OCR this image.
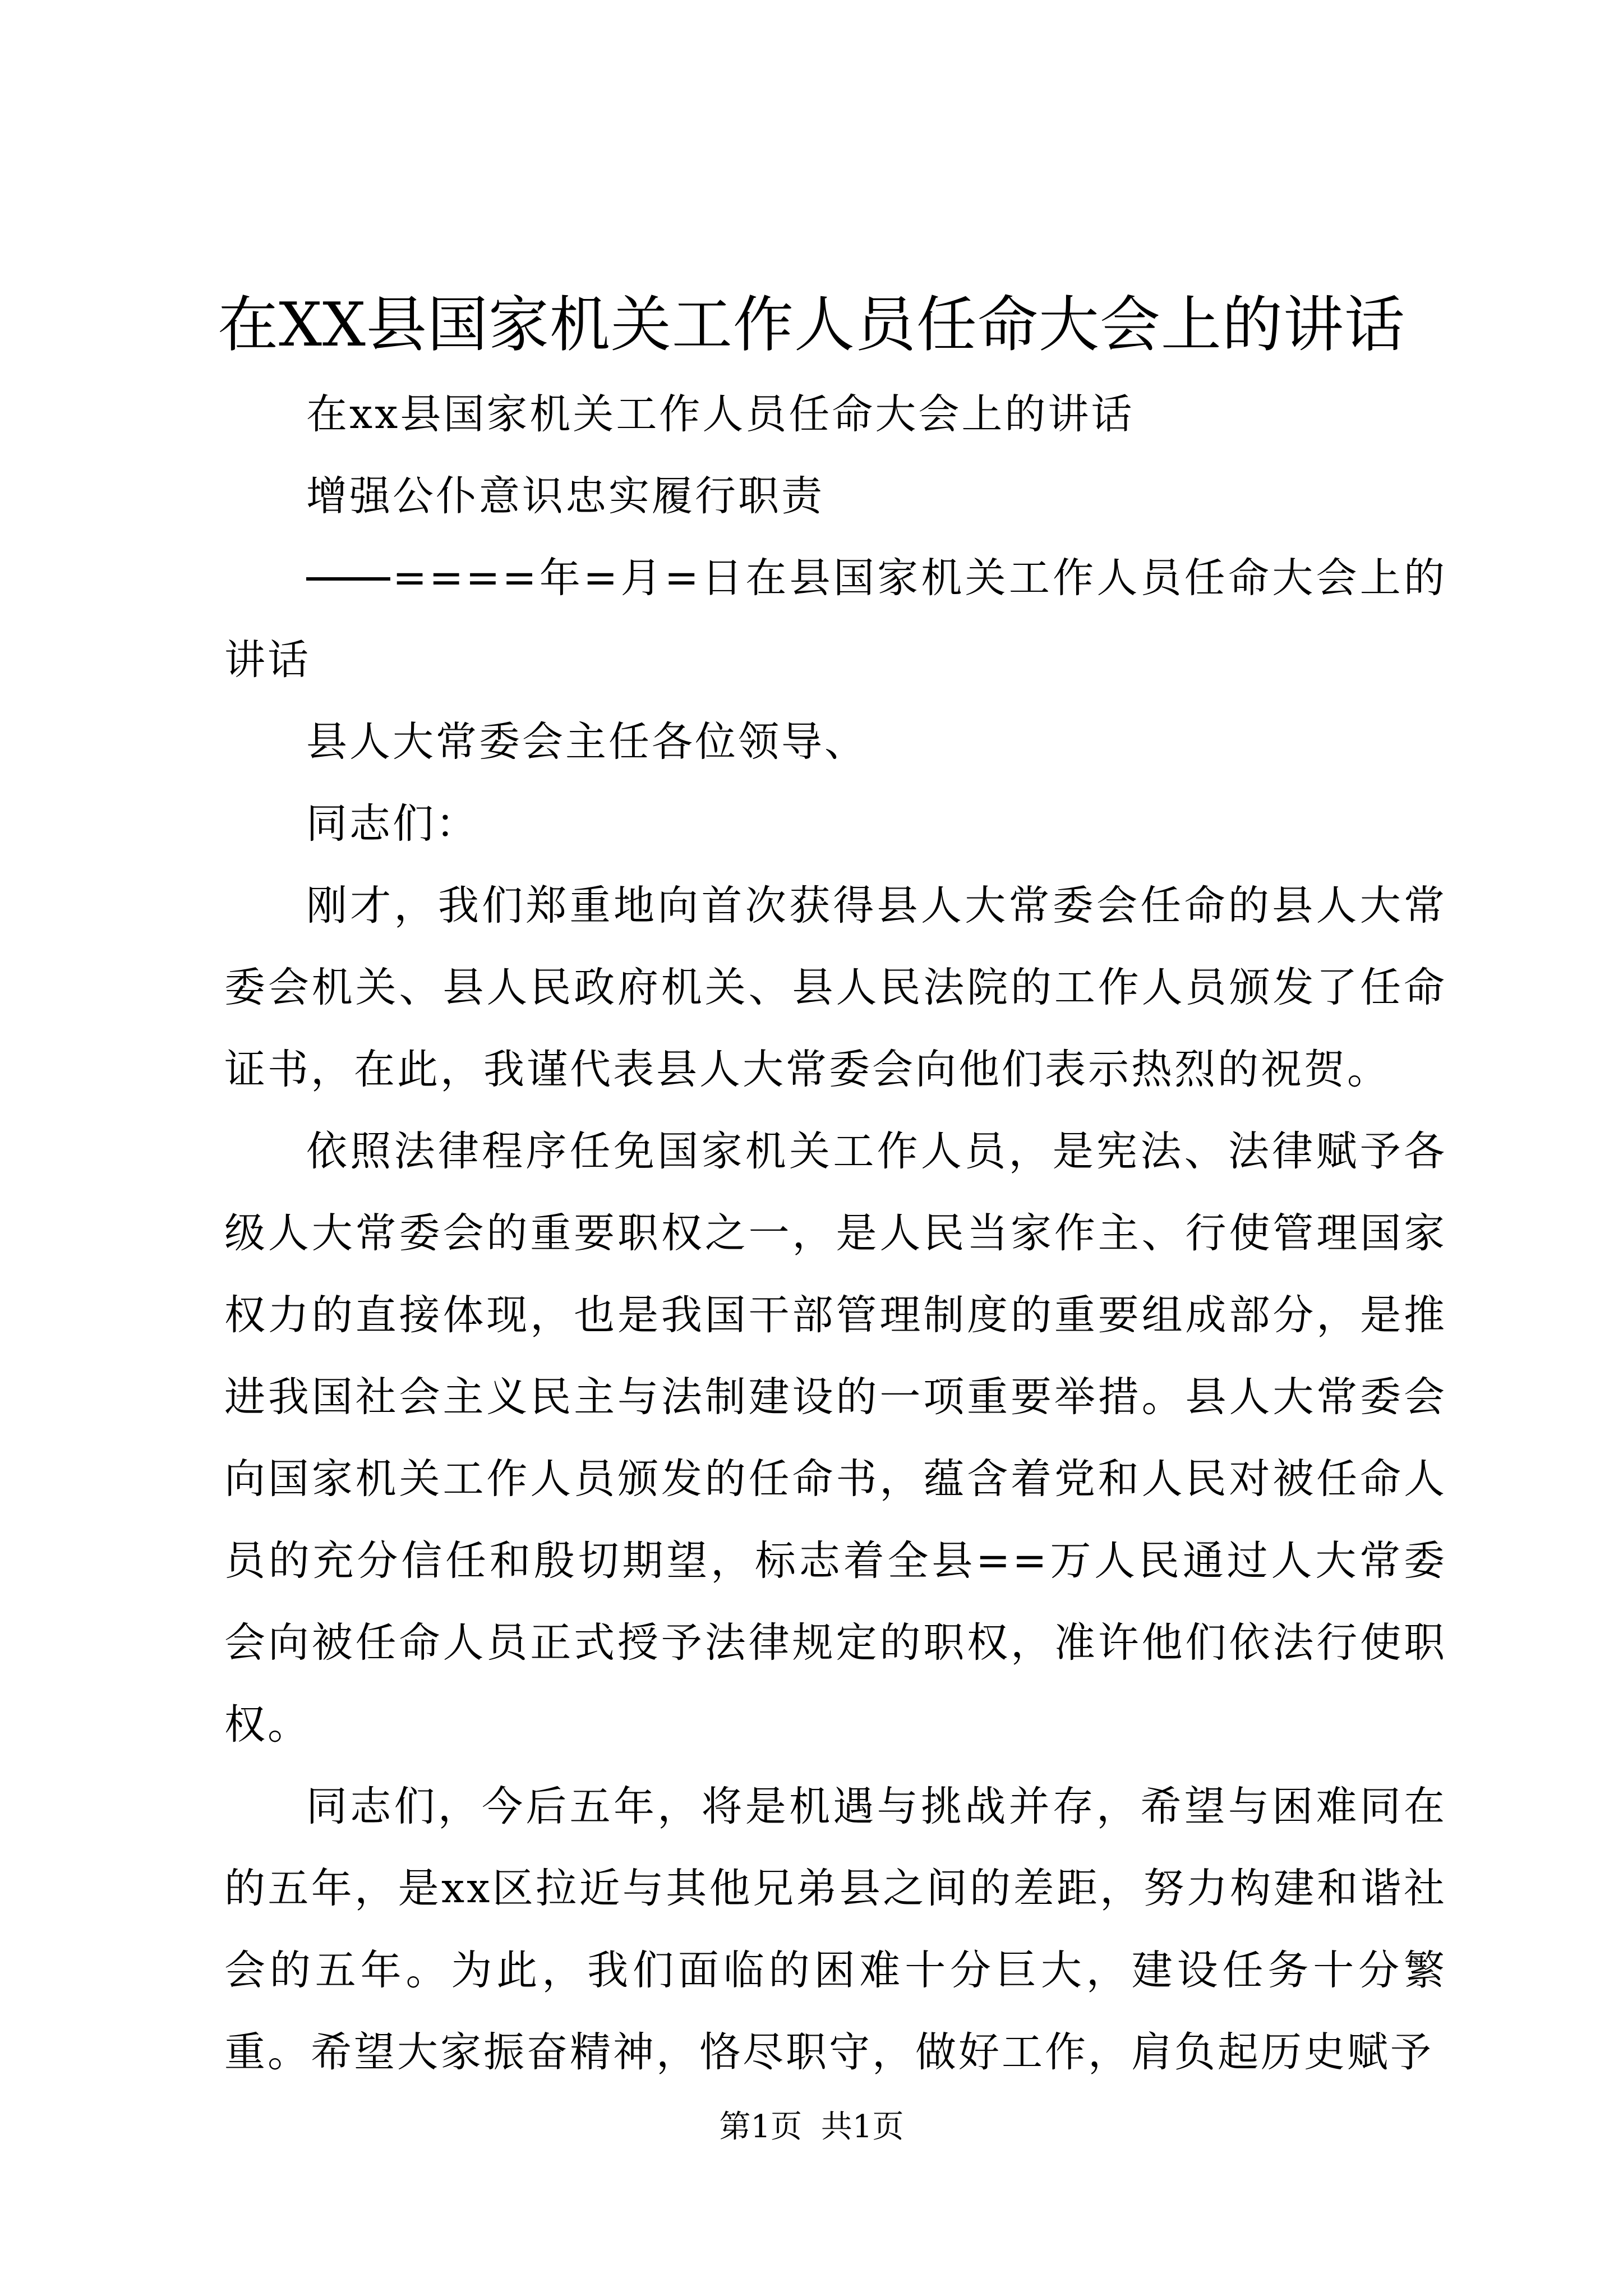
在XX县国家机关工作人员任命大会上的讲话

在xx县国家机关工作人员任命大会上的讲话

增强公仆意识忠实履行职责

====年=月=日在县国家机关工作人员任命大会上的讲话

县人大常委会主任各位领导、

同志们：

刚才，我们郑重地向首次获得县人大常委会任命的县人大常委会机关、县人民政府机关、县人民法院的工作人员颁发了任命证书，在此，我谨代表县人大常委会向他们表示热烈的祝贺。

依照法律程序任免国家机关工作人员，是宪法、法律赋予各级人大常委会的重要职权之一，是人民当家作主、行使管理国家权力的直接体现，也是我国干部管理制度的重要组成部分，是推进我国社会主义民主与法制建设的一项重要举措。县人大常委会向国家机关工作人员颁发的任命书，蕴含着党和人民对被任命人员的充分信任和殷切期望，标志着全县==万人民通过人大常委会向被任命人员正式授予法律规定的职权，准许他们依法行使职权。

同志们，今后五年，将是机遇与挑战并存，希望与困难同在的五年，是xx区拉近与其他兄弟县之间的差距，努力构建和谐社会的五年。为此，我们面临的困难十分巨大，建设任务十分繁重。希望大家振奋精神，恪尽职守，做好工作，肩负起历史赋予

第1页 共1页
